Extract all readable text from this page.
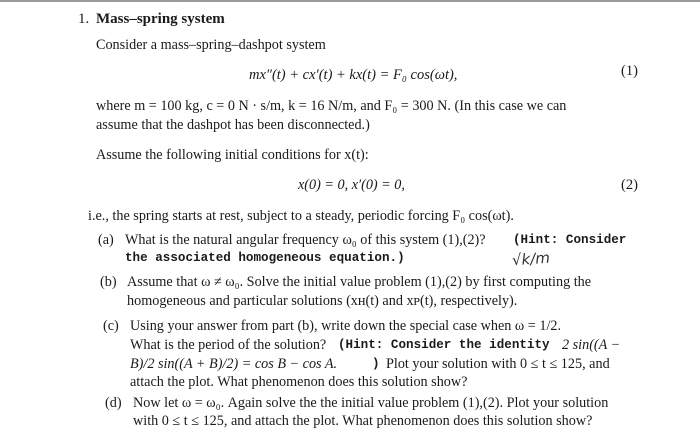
1. Mass–spring system
Consider a mass–spring–dashpot system
mx″(t) + cx′(t) + kx(t) = F₀ cos(ωt),	(1)
where m = 100 kg, c = 0 N · s/m, k = 16 N/m, and F₀ = 300 N. (In this case we can
assume that the dashpot has been disconnected.)
Assume the following initial conditions for x(t):
x(0) = 0, x′(0) = 0,	(2)
i.e., the spring starts at rest, subject to a steady, periodic forcing F₀ cos(ωt).
(a) What is the natural angular frequency ω₀ of this system (1),(2)? (Hint: Consider
the associated homogeneous equation.)	√k/m
(b) Assume that ω ≠ ω₀. Solve the initial value problem (1),(2) by first computing the
homogeneous and particular solutions (xʜ(t) and xᴘ(t), respectively).
(c) Using your answer from part (b), write down the special case when ω = 1/2.
What is the period of the solution? (Hint: Consider the identity 2 sin((A −
B)/2 sin((A + B)/2) = cos B − cos A.	) Plot your solution with 0 ≤ t ≤ 125, and
attach the plot. What phenomenon does this solution show?
(d) Now let ω = ω₀. Again solve the the initial value problem (1),(2). Plot your solution
with 0 ≤ t ≤ 125, and attach the plot. What phenomenon does this solution show?
